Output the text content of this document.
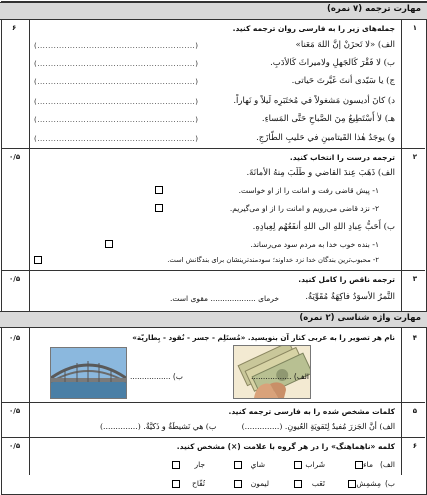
مهارت ترجمه (۷ نمره)
۱
۶	جمله‌های زیر را به فارسی روان ترجمه کنید.
الف) «لا تَحزَنْ إنَّ اللهَ مَعَنا»
(..........................................................)
ب) لا فَقْرَ كَالجَهلِ ولامیراثَ كَالأدَبِ.
(..........................................................)
ج) یا سَیّدی أنتَ غَیَّرتَ حَیاتی.
(..........................................................)
د) كانَ أدیسون مَشغولاً في مُختَبَرِه لَیلاً و نَهاراً.
(..........................................................)
هـ) لاٰ أَسْتَطِیعُ مِنَ الصَّباحِ حَتَّی المَساءِ.
(..........................................................)
و) یوجَدُ هٰذا القَیتامینِ في حَلیبِ الطّازَجِ.
(..........................................................)
۲
۰/۵	ترجمه درست را انتخاب کنید.
الف) ذَهَبَ عِندَ القاضي و طَلَبَ مِنهُ الأمانَةَ.
۱- پیش قاضی رفت و امانت را از او خواست.
۲- نزد قاضی می‌رویم و امانت را از او می‌گیریم.
ب) أَحَبُّ عِبادِ اللهِ الی اللهِ أنفَعُهُم لِعِبادِهِ.
۱- بنده خوب خدا به مردم سود می‌رساند.
۲- محبوب‌ترین بندگان خدا نزد خداوند؛ سودمندترینشان برای بندگانش است.
۳
۰/۵	ترجمه ناقص را کامل کنید.
التَّمرُ الأسوَدُ فاكِهَةٌ مُقَوِّیَةٌ.
خرمای ................... مقوی است.
مهارت واژه شناسی (۲ نمره)
۴
۰/۵	نام هر تصویر را به عربی کنار آن بنویسید. «مُستَلِم - جسر - نُقود - بِطاریّة»
الف) .................
ب) .................
۵
۰/۵	کلمات مشخص شده را به فارسی ترجمه کنید.
الف) أنَّ الجَزرَ مُفیدٌ لِتَقویَةِ العُیونِ. (..............)
ب) هي نَشیطَةٌ و ذَكیَّةٌ. (..............)
۶
۰/۵	کلمه «ناهماهنگ» را در هر گروه با علامت (×) مشخص کنید.
الف)
ماء
شَراب
شاي
جار
ب)
مِشمِش
تَعَب
لیمون
تُفّاح
